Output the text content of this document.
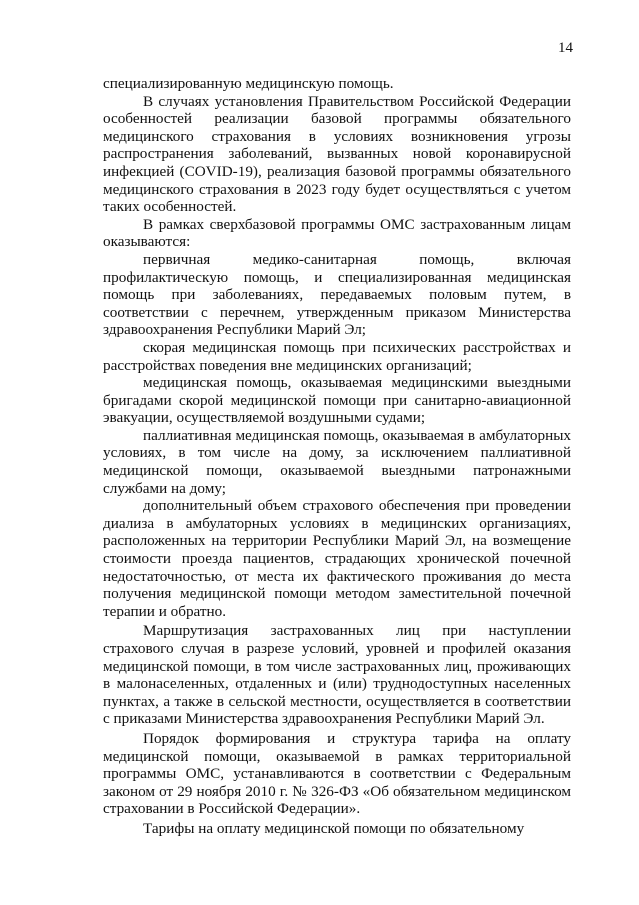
14

специализированную медицинскую помощь.

В случаях установления Правительством Российской Федерации особенностей реализации базовой программы обязательного медицинского страхования в условиях возникновения угрозы распространения заболеваний, вызванных новой коронавирусной инфекцией (COVID-19), реализация базовой программы обязательного медицинского страхования в 2023 году будет осуществляться с учетом таких особенностей.

В рамках сверхбазовой программы ОМС застрахованным лицам оказываются:

первичная медико-санитарная помощь, включая профилактическую помощь, и специализированная медицинская помощь при заболеваниях, передаваемых половым путем, в соответствии с перечнем, утвержденным приказом Министерства здравоохранения Республики Марий Эл;

скорая медицинская помощь при психических расстройствах и расстройствах поведения вне медицинских организаций;

медицинская помощь, оказываемая медицинскими выездными бригадами скорой медицинской помощи при санитарно-авиационной эвакуации, осуществляемой воздушными судами;

паллиативная медицинская помощь, оказываемая в амбулаторных условиях, в том числе на дому, за исключением паллиативной медицинской помощи, оказываемой выездными патронажными службами на дому;

дополнительный объем страхового обеспечения при проведении диализа в амбулаторных условиях в медицинских организациях, расположенных на территории Республики Марий Эл, на возмещение стоимости проезда пациентов, страдающих хронической почечной недостаточностью, от места их фактического проживания до места получения медицинской помощи методом заместительной почечной терапии и обратно.

Маршрутизация застрахованных лиц при наступлении страхового случая в разрезе условий, уровней и профилей оказания медицинской помощи, в том числе застрахованных лиц, проживающих в малонаселенных, отдаленных и (или) труднодоступных населенных пунктах, а также в сельской местности, осуществляется в соответствии с приказами Министерства здравоохранения Республики Марий Эл.

Порядок формирования и структура тарифа на оплату медицинской помощи, оказываемой в рамках территориальной программы ОМС, устанавливаются в соответствии с Федеральным законом от 29 ноября 2010 г. № 326-ФЗ «Об обязательном медицинском страховании в Российской Федерации».

Тарифы на оплату медицинской помощи по обязательному
